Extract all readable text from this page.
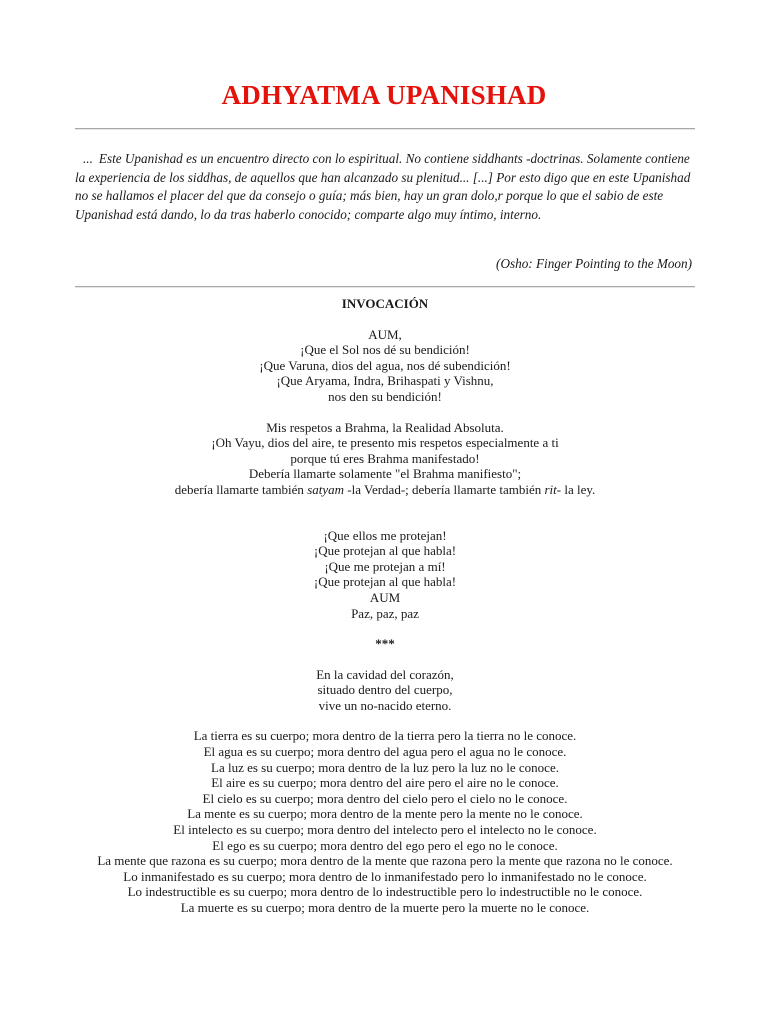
ADHYATMA UPANISHAD

... Este Upanishad es un encuentro directo con lo espiritual. No contiene siddhants -doctrinas. Solamente contiene la experiencia de los siddhas, de aquellos que han alcanzado su plenitud... [...] Por esto digo que en este Upanishad no se hallamos el placer del que da consejo o guía; más bien, hay un gran dolo,r porque lo que el sabio de este Upanishad está dando, lo da tras haberlo conocido; comparte algo muy íntimo, interno.

(Osho: Finger Pointing to the Moon)

INVOCACIÓN

AUM,
¡Que el Sol nos dé su bendición!
¡Que Varuna, dios del agua, nos dé subendición!
¡Que Aryama, Indra, Brihaspati y Vishnu,
nos den su bendición!
Mis respetos a Brahma, la Realidad Absoluta.
¡Oh Vayu, dios del aire, te presento mis respetos especialmente a ti
porque tú eres Brahma manifestado!
Debería llamarte solamente "el Brahma manifiesto";
debería llamarte también satyam -la Verdad-; debería llamarte también rit- la ley.
¡Que ellos me protejan!
¡Que protejan al que habla!
¡Que me protejan a mí!
¡Que protejan al que habla!
AUM
Paz, paz, paz

***

En la cavidad del corazón,
situado dentro del cuerpo,
vive un no-nacido eterno.
La tierra es su cuerpo; mora dentro de la tierra pero la tierra no le conoce.
El agua es su cuerpo; mora dentro del agua pero el agua no le conoce.
La luz es su cuerpo; mora dentro de la luz pero la luz no le conoce.
El aire es su cuerpo; mora dentro del aire pero el aire no le conoce.
El cielo es su cuerpo; mora dentro del cielo pero el cielo no le conoce.
La mente es su cuerpo; mora dentro de la mente pero la mente no le conoce.
El intelecto es su cuerpo; mora dentro del intelecto pero el intelecto no le conoce.
El ego es su cuerpo; mora dentro del ego pero el ego no le conoce.
La mente que razona es su cuerpo; mora dentro de la mente que razona pero la mente que razona no le conoce.
Lo inmanifestado es su cuerpo; mora dentro de lo inmanifestado pero lo inmanifestado no le conoce.
Lo indestructible es su cuerpo; mora dentro de lo indestructible pero lo indestructible no le conoce.
La muerte es su cuerpo; mora dentro de la muerte pero la muerte no le conoce.
